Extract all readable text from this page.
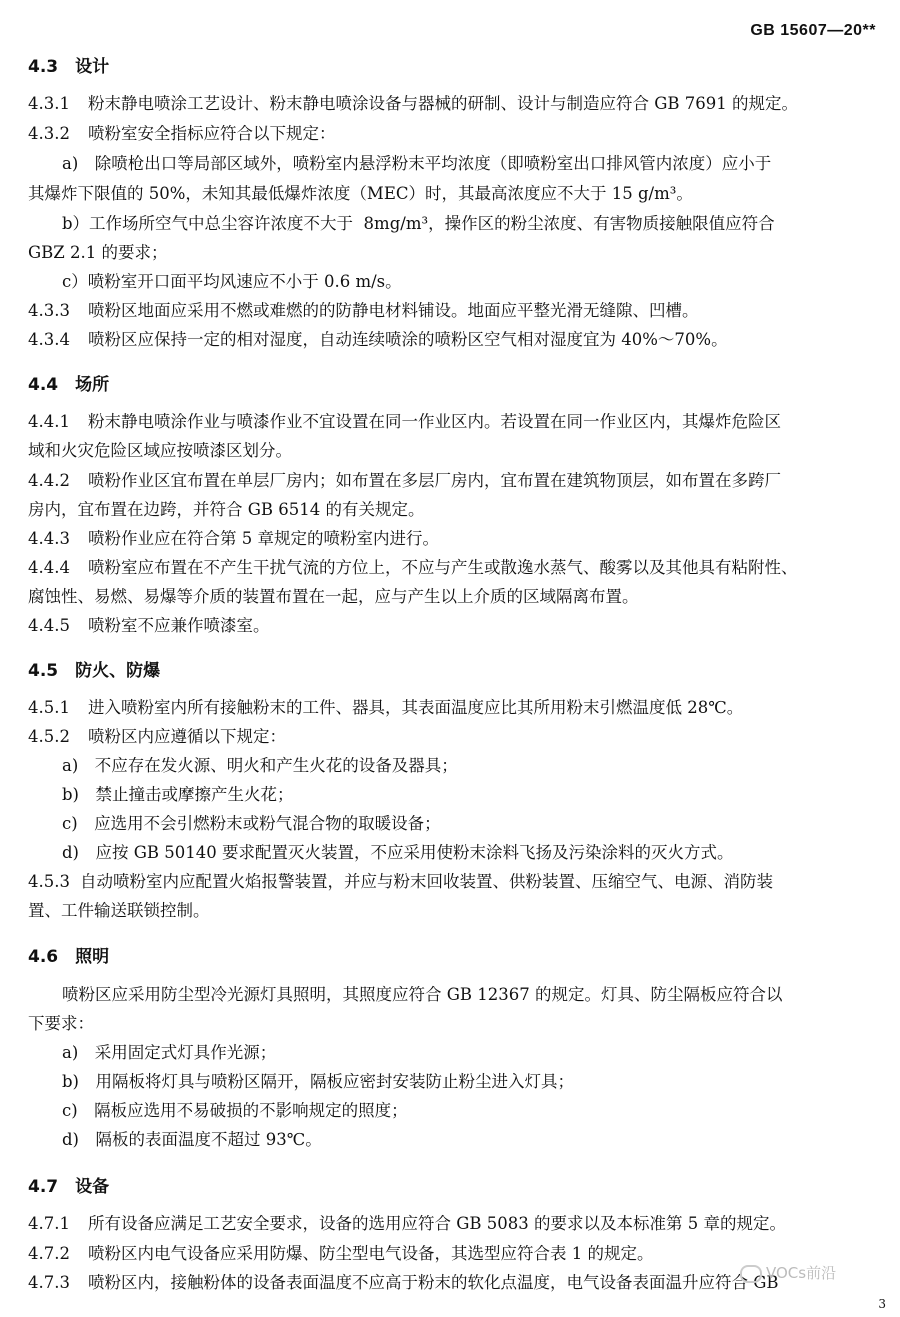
GB 15607—20**
4.3　设计
4.3.1 粉末静电喷涂工艺设计、粉末静电喷涂设备与器械的研制、设计与制造应符合 GB 7691 的规定。
4.3.2 喷粉室安全指标应符合以下规定：
a)　除喷枪出口等局部区域外，喷粉室内悬浮粉末平均浓度（即喷粉室出口排风管内浓度）应小于
其爆炸下限值的 50%，未知其最低爆炸浓度（MEC）时，其最高浓度应不大于 15 g/m³。
b）工作场所空气中总尘容许浓度不大于  8mg/m³，操作区的粉尘浓度、有害物质接触限值应符合
GBZ 2.1 的要求；
c）喷粉室开口面平均风速应不小于 0.6 m/s。
4.3.3 喷粉区地面应采用不燃或难燃的的防静电材料铺设。地面应平整光滑无缝隙、凹槽。
4.3.4 喷粉区应保持一定的相对湿度，自动连续喷涂的喷粉区空气相对湿度宜为 40%～70%。
4.4　场所
4.4.1 粉末静电喷涂作业与喷漆作业不宜设置在同一作业区内。若设置在同一作业区内，其爆炸危险区
域和火灾危险区域应按喷漆区划分。
4.4.2 喷粉作业区宜布置在单层厂房内；如布置在多层厂房内，宜布置在建筑物顶层，如布置在多跨厂
房内，宜布置在边跨，并符合 GB 6514 的有关规定。
4.4.3 喷粉作业应在符合第 5 章规定的喷粉室内进行。
4.4.4 喷粉室应布置在不产生干扰气流的方位上，不应与产生或散逸水蒸气、酸雾以及其他具有粘附性、
腐蚀性、易燃、易爆等介质的装置布置在一起，应与产生以上介质的区域隔离布置。
4.4.5 喷粉室不应兼作喷漆室。
4.5　防火、防爆
4.5.1 进入喷粉室内所有接触粉末的工件、器具，其表面温度应比其所用粉末引燃温度低 28℃。
4.5.2 喷粉区内应遵循以下规定：
a)　不应存在发火源、明火和产生火花的设备及器具；
b)　禁止撞击或摩擦产生火花；
c)　应选用不会引燃粉末或粉气混合物的取暖设备；
d)　应按 GB 50140 要求配置灭火装置，不应采用使粉末涂料飞扬及污染涂料的灭火方式。
4.5.3 自动喷粉室内应配置火焰报警装置，并应与粉末回收装置、供粉装置、压缩空气、电源、消防装
置、工件输送联锁控制。
4.6　照明
喷粉区应采用防尘型冷光源灯具照明，其照度应符合 GB 12367 的规定。灯具、防尘隔板应符合以
下要求：
a)　采用固定式灯具作光源；
b)　用隔板将灯具与喷粉区隔开，隔板应密封安装防止粉尘进入灯具；
c)　隔板应选用不易破损的不影响规定的照度；
d)　隔板的表面温度不超过 93℃。
4.7　设备
4.7.1 所有设备应满足工艺安全要求，设备的选用应符合 GB 5083 的要求以及本标准第 5 章的规定。
4.7.2 喷粉区内电气设备应采用防爆、防尘型电气设备，其选型应符合表 1 的规定。
4.7.3 喷粉区内，接触粉体的设备表面温度不应高于粉末的软化点温度，电气设备表面温升应符合 GB
VOCs前沿
3
